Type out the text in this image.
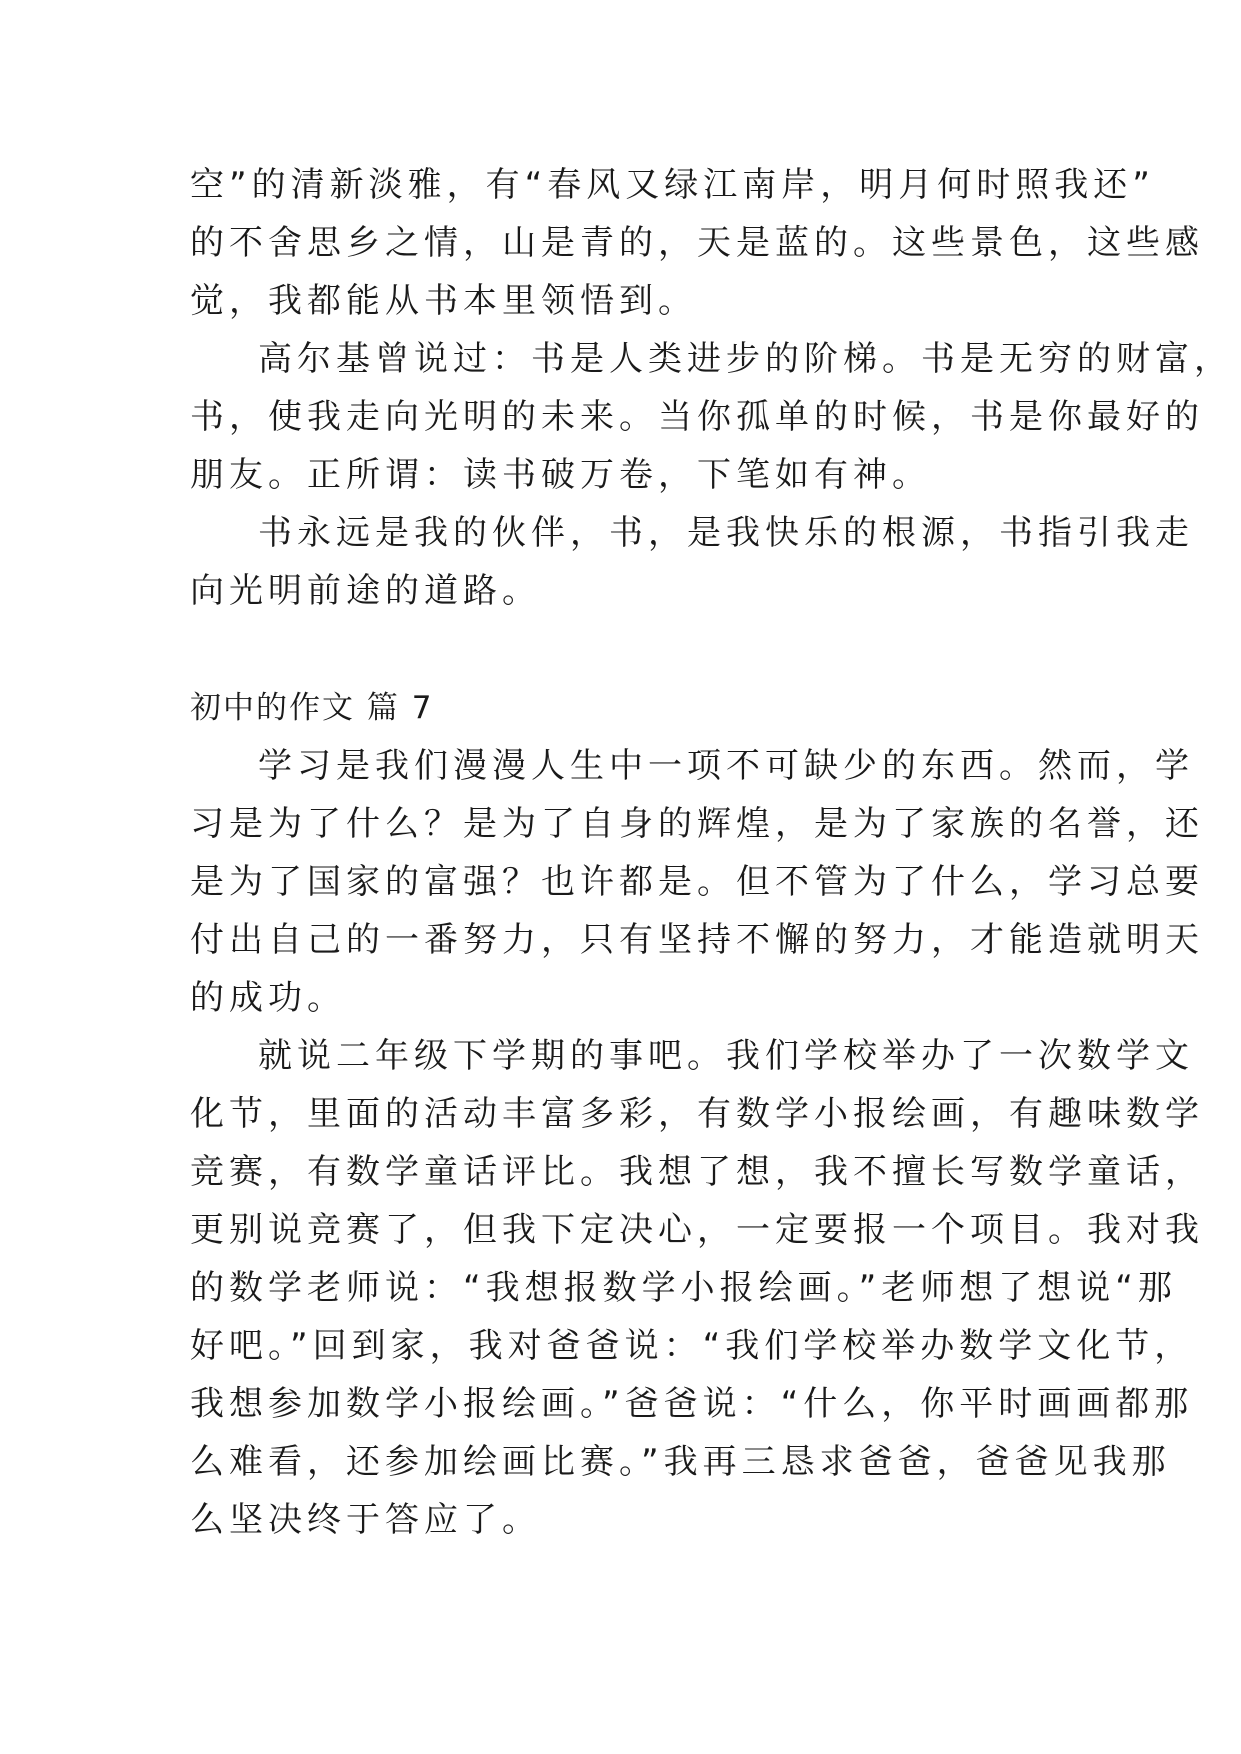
空”的清新淡雅，有“春风又绿江南岸，明月何时照我还”
的不舍思乡之情，山是青的，天是蓝的。这些景色，这些感
觉，我都能从书本里领悟到。
高尔基曾说过：书是人类进步的阶梯。书是无穷的财富，
书，使我走向光明的未来。当你孤单的时候，书是你最好的
朋友。正所谓：读书破万卷，下笔如有神。
书永远是我的伙伴，书，是我快乐的根源，书指引我走
向光明前途的道路。
初中的作文 篇 7
学习是我们漫漫人生中一项不可缺少的东西。然而，学
习是为了什么？是为了自身的辉煌，是为了家族的名誉，还
是为了国家的富强？也许都是。但不管为了什么，学习总要
付出自己的一番努力，只有坚持不懈的努力，才能造就明天
的成功。
就说二年级下学期的事吧。我们学校举办了一次数学文
化节，里面的活动丰富多彩，有数学小报绘画，有趣味数学
竞赛，有数学童话评比。我想了想，我不擅长写数学童话，
更别说竞赛了，但我下定决心，一定要报一个项目。我对我
的数学老师说：“我想报数学小报绘画。”老师想了想说“那
好吧。”回到家，我对爸爸说：“我们学校举办数学文化节，
我想参加数学小报绘画。”爸爸说：“什么，你平时画画都那
么难看，还参加绘画比赛。”我再三恳求爸爸，爸爸见我那
么坚决终于答应了。
